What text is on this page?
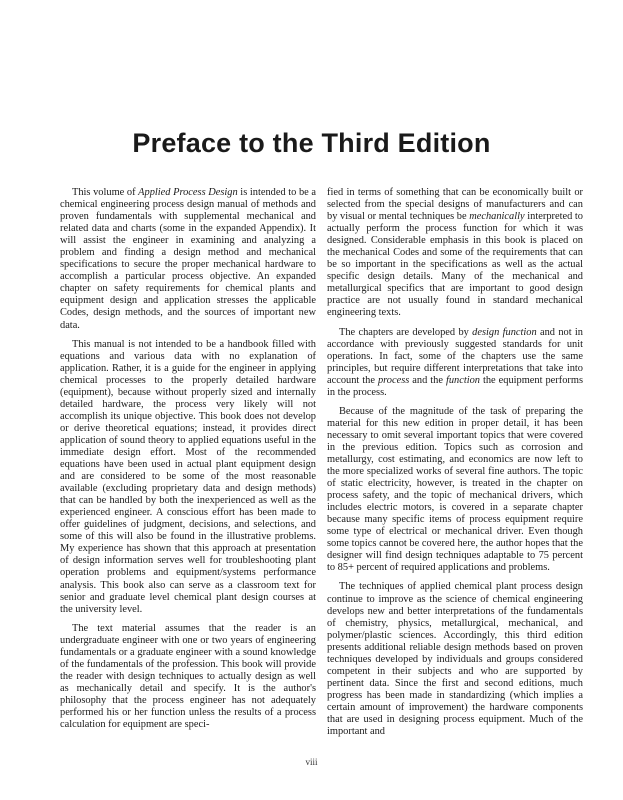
Preface to the Third Edition

This volume of Applied Process Design is intended to be a chemical engineering process design manual of methods and proven fundamentals with supplemental mechanical and related data and charts (some in the expanded Appendix). It will assist the engineer in examining and analyzing a problem and finding a design method and mechanical specifications to secure the proper mechanical hardware to accomplish a particular process objective. An expanded chapter on safety requirements for chemical plants and equipment design and application stresses the applicable Codes, design methods, and the sources of important new data.

This manual is not intended to be a handbook filled with equations and various data with no explanation of application. Rather, it is a guide for the engineer in applying chemical processes to the properly detailed hardware (equipment), because without properly sized and internally detailed hardware, the process very likely will not accomplish its unique objective. This book does not develop or derive theoretical equations; instead, it provides direct application of sound theory to applied equations useful in the immediate design effort. Most of the recommended equations have been used in actual plant equipment design and are considered to be some of the most reasonable available (excluding proprietary data and design methods) that can be handled by both the inexperienced as well as the experienced engineer. A conscious effort has been made to offer guidelines of judgment, decisions, and selections, and some of this will also be found in the illustrative problems. My experience has shown that this approach at presentation of design information serves well for troubleshooting plant operation problems and equipment/systems performance analysis. This book also can serve as a classroom text for senior and graduate level chemical plant design courses at the university level.

The text material assumes that the reader is an undergraduate engineer with one or two years of engineering fundamentals or a graduate engineer with a sound knowledge of the fundamentals of the profession. This book will provide the reader with design techniques to actually design as well as mechanically detail and specify. It is the author's philosophy that the process engineer has not adequately performed his or her function unless the results of a process calculation for equipment are speci-

fied in terms of something that can be economically built or selected from the special designs of manufacturers and can by visual or mental techniques be mechanically interpreted to actually perform the process function for which it was designed. Considerable emphasis in this book is placed on the mechanical Codes and some of the requirements that can be so important in the specifications as well as the actual specific design details. Many of the mechanical and metallurgical specifics that are important to good design practice are not usually found in standard mechanical engineering texts.

The chapters are developed by design function and not in accordance with previously suggested standards for unit operations. In fact, some of the chapters use the same principles, but require different interpretations that take into account the process and the function the equipment performs in the process.

Because of the magnitude of the task of preparing the material for this new edition in proper detail, it has been necessary to omit several important topics that were covered in the previous edition. Topics such as corrosion and metallurgy, cost estimating, and economics are now left to the more specialized works of several fine authors. The topic of static electricity, however, is treated in the chapter on process safety, and the topic of mechanical drivers, which includes electric motors, is covered in a separate chapter because many specific items of process equipment require some type of electrical or mechanical driver. Even though some topics cannot be covered here, the author hopes that the designer will find design techniques adaptable to 75 percent to 85+ percent of required applications and problems.

The techniques of applied chemical plant process design continue to improve as the science of chemical engineering develops new and better interpretations of the fundamentals of chemistry, physics, metallurgical, mechanical, and polymer/plastic sciences. Accordingly, this third edition presents additional reliable design methods based on proven techniques developed by individuals and groups considered competent in their subjects and who are supported by pertinent data. Since the first and second editions, much progress has been made in standardizing (which implies a certain amount of improvement) the hardware components that are used in designing process equipment. Much of the important and

viii
